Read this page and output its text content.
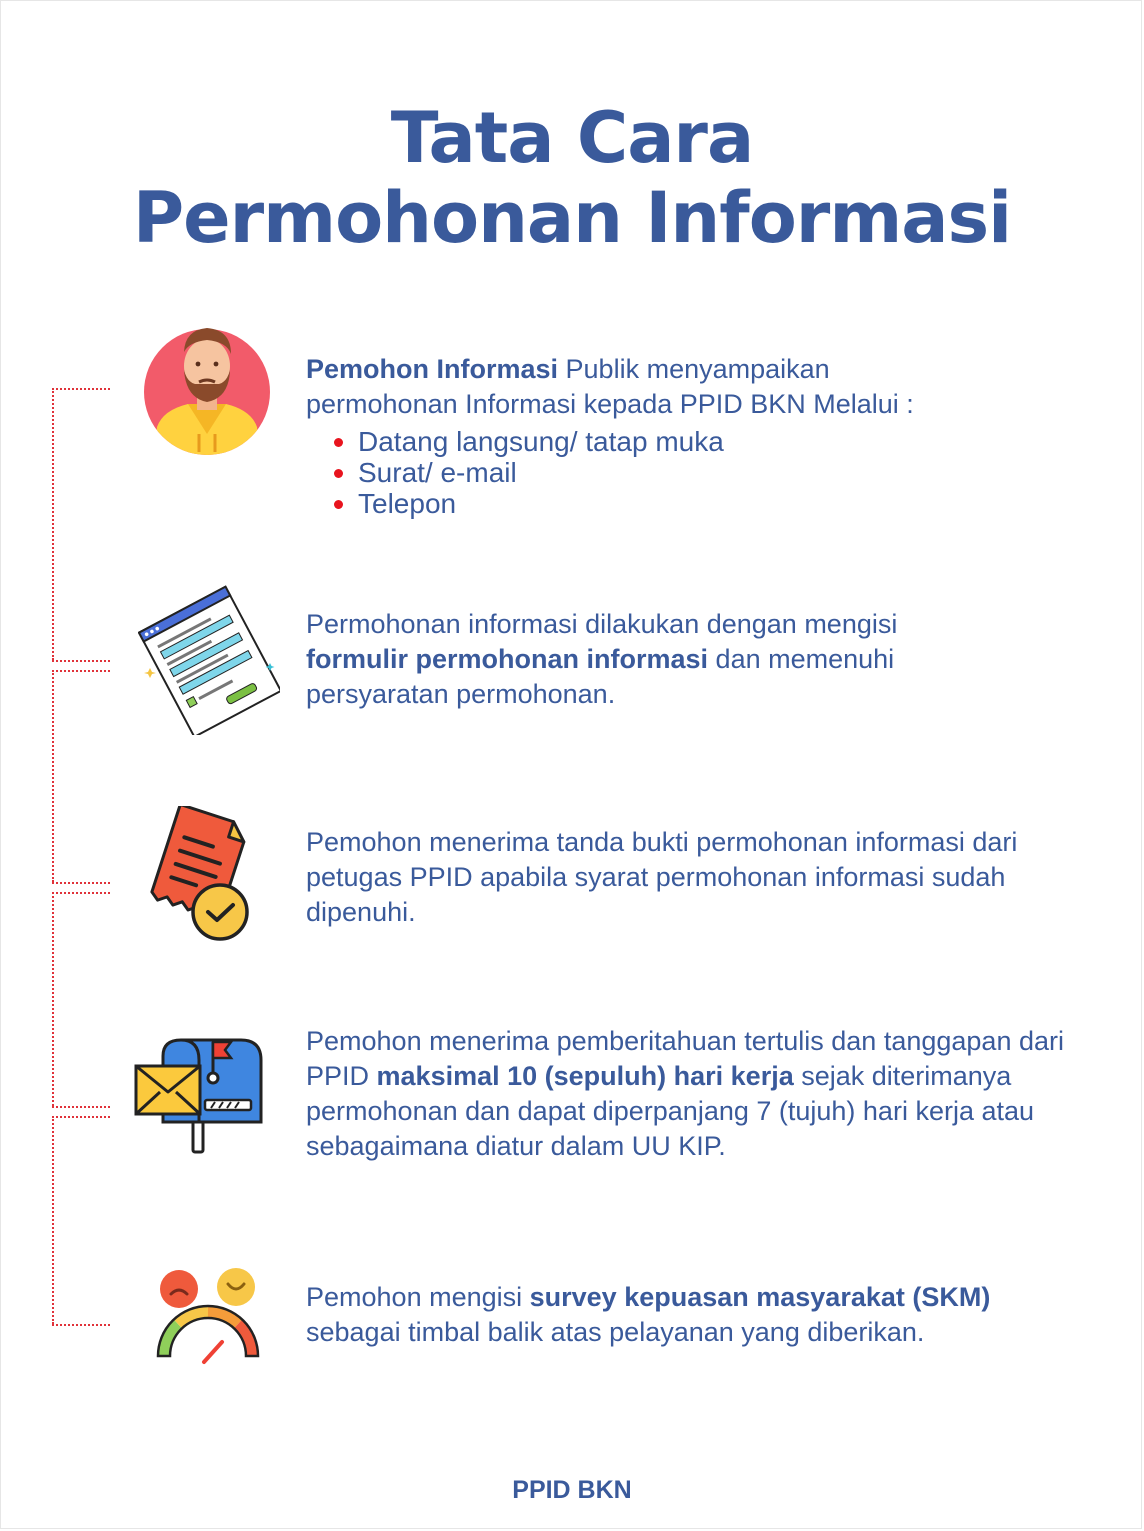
Tata Cara
Permohonan Informasi
Pemohon Informasi Publik menyampaikan permohonan Informasi kepada PPID BKN Melalui :
Datang langsung/ tatap muka
Surat/ e-mail
Telepon
Permohonan informasi dilakukan dengan mengisi formulir permohonan informasi dan memenuhi persyaratan permohonan.
Pemohon menerima tanda bukti permohonan informasi dari petugas PPID apabila syarat permohonan informasi sudah dipenuhi.
Pemohon menerima pemberitahuan tertulis dan tanggapan dari PPID maksimal 10 (sepuluh) hari kerja sejak diterimanya permohonan dan dapat diperpanjang 7 (tujuh) hari kerja atau sebagaimana diatur dalam UU KIP.
Pemohon mengisi survey kepuasan masyarakat (SKM) sebagai timbal balik atas pelayanan yang diberikan.
PPID BKN
